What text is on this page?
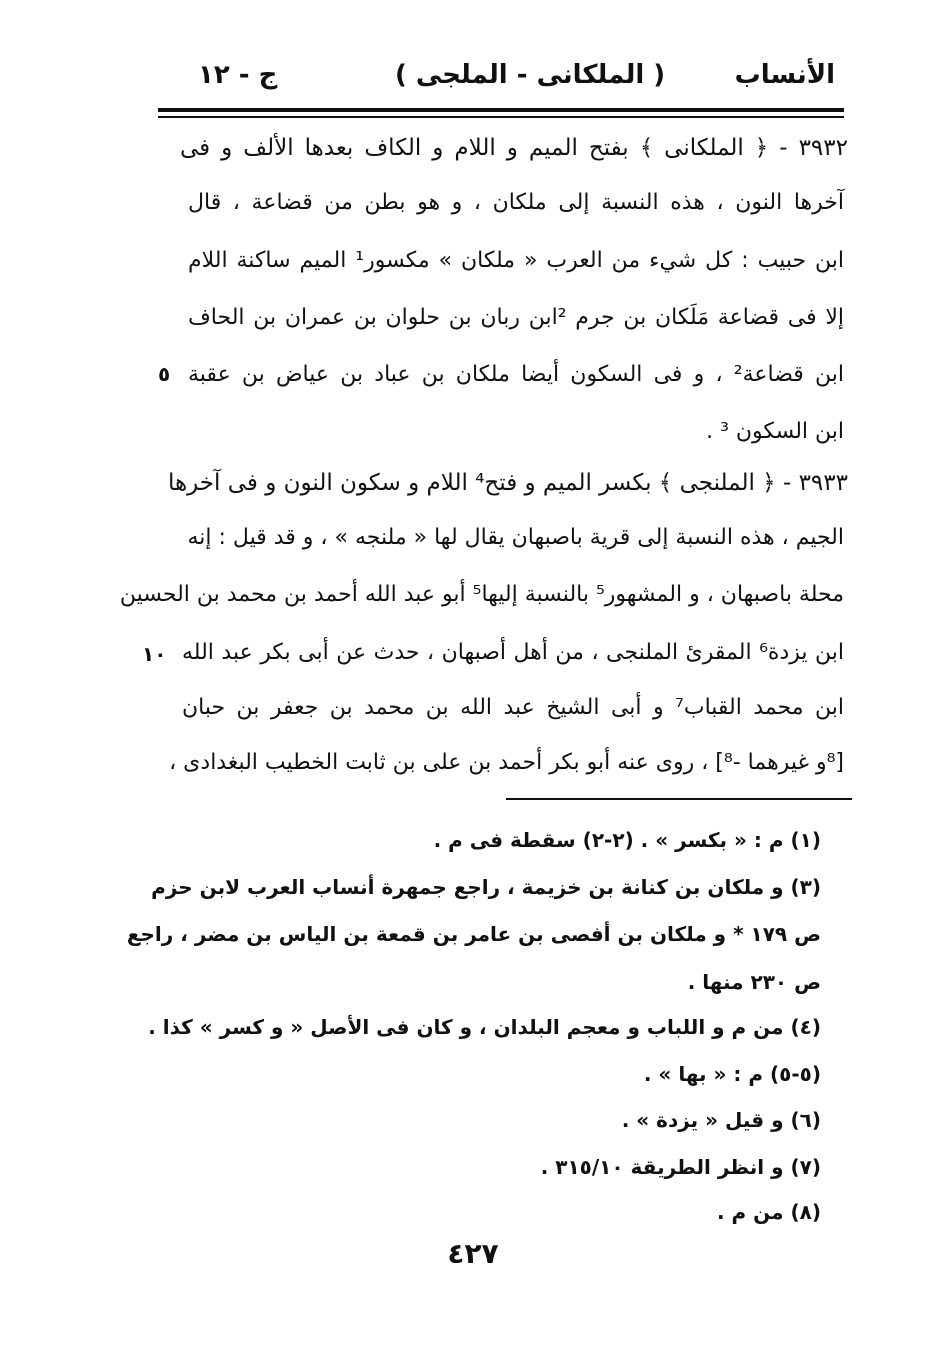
الأنساب
( الملكانى - الملجى )
ج - ١٢
٣٩٣٢ - ﴿ الملكانى ﴾ بفتح الميم و اللام و الكاف بعدها الألف و فى
آخرها النون ، هذه النسبة إلى ملكان ، و هو بطن من قضاعة ، قال
ابن حبيب : كل شيء من العرب « ملكان » مكسور¹ الميم ساكنة اللام
إلا فى قضاعة مَلَكان بن جرم ²ابن ربان بن حلوان بن عمران بن الحاف
ابن قضاعة² ، و فى السكون أيضا ملكان بن عباد بن عياض بن عقبة
ابن السكون ³ .
٣٩٣٣ - ﴿ الملنجى ﴾ بكسر الميم و فتح⁴ اللام و سكون النون و فى آخرها
الجيم ، هذه النسبة إلى قرية باصبهان يقال لها « ملنجه » ، و قد قيل : إنه
محلة باصبهان ، و المشهور⁵ بالنسبة إليها⁵ أبو عبد الله أحمد بن محمد بن الحسين
ابن يزدة⁶ المقرئ الملنجى ، من أهل أصبهان ، حدث عن أبى بكر عبد الله
ابن محمد القباب⁷ و أبى الشيخ عبد الله بن محمد بن جعفر بن حبان
[⁸و غيرهما -⁸] ، روى عنه أبو بكر أحمد بن على بن ثابت الخطيب البغدادى ،
٥
١٠
(١) م : « بكسر » . (٢-٢) سقطة فى م .
(٣) و ملكان بن كنانة بن خزيمة ، راجع جمهرة أنساب العرب لابن حزم
ص ١٧٩ * و ملكان بن أفصى بن عامر بن قمعة بن الياس بن مضر ، راجع
ص ٢٣٠ منها .
(٤) من م و اللباب و معجم البلدان ، و كان فى الأصل « و كسر » كذا .
(٥-٥) م : « بها » .
(٦) و قيل « يزدة » .
(٧) و انظر الطريقة ٣١٥/١٠ .
(٨) من م .
٤٢٧
